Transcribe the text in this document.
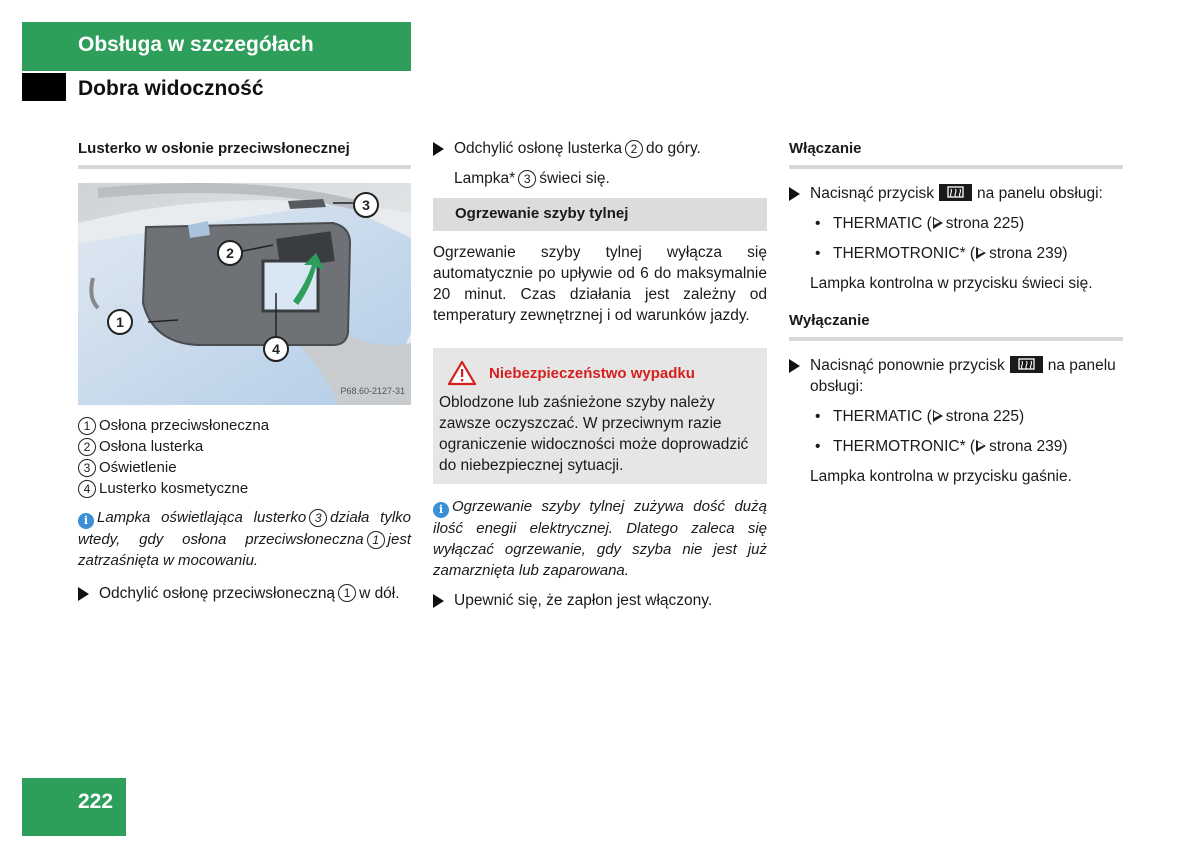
Obsługa w szczegółach
Dobra widoczność
Lusterko w osłonie przeciwsłonecznej
1
2
3
4
P68.60-2127-31
1 Osłona przeciwsłoneczna
2 Osłona lusterka
3 Oświetlenie
4 Lusterko kosmetyczne

i Lampka oświetlająca lusterko 3 działa tylko wtedy, gdy osłona przeciwsłoneczna 1 jest zatrzaśnięta w mocowaniu.

Odchylić osłonę przeciwsłoneczną 1 w dół.
Odchylić osłonę lusterka 2 do góry.
Lampka* 3 świeci się.
Ogrzewanie szyby tylnej

Ogrzewanie szyby tylnej wyłącza się automatycznie po upływie od 6 do maksymalnie 20 minut. Czas działania jest zależny od temperatury zewnętrznej i od warunków jazdy.

Niebezpieczeństwo wypadku

Oblodzone lub zaśnieżone szyby należy zawsze oczyszczać. W przeciwnym razie ograniczenie widoczności może doprowadzić do niebezpiecznej sytuacji.

i Ogrzewanie szyby tylnej zużywa dość dużą ilość enegii elektrycznej. Dlatego zaleca się wyłączać ogrzewanie, gdy szyba nie jest już zamarznięta lub zaparowana.

Upewnić się, że zapłon jest włączony.
Włączanie
Nacisnąć przycisk	na panelu obsługi:
• THERMATIC ( strona 225)
• THERMOTRONIC* ( strona 239)
Lampka kontrolna w przycisku świeci się.
Wyłączanie
Nacisnąć ponownie przycisk	na panelu obsługi:
• THERMATIC ( strona 225)
• THERMOTRONIC* ( strona 239)
Lampka kontrolna w przycisku gaśnie.
222
